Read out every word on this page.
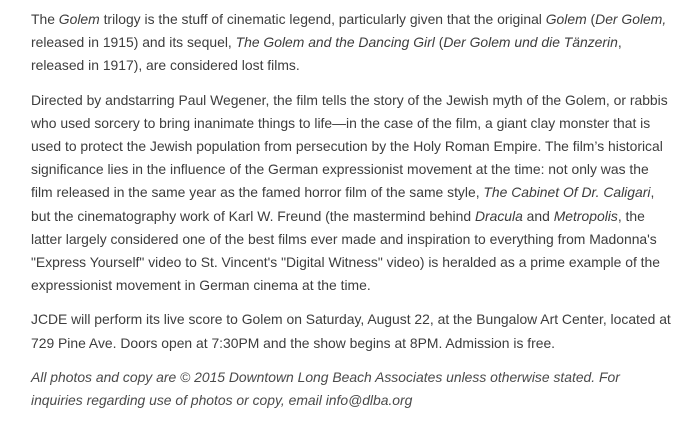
The Golem trilogy is the stuff of cinematic legend, particularly given that the original Golem (Der Golem, released in 1915) and its sequel, The Golem and the Dancing Girl (Der Golem und die Tänzerin, released in 1917), are considered lost films.

Directed by andstarring Paul Wegener, the film tells the story of the Jewish myth of the Golem, or rabbis who used sorcery to bring inanimate things to life—in the case of the film, a giant clay monster that is used to protect the Jewish population from persecution by the Holy Roman Empire. The film’s historical significance lies in the influence of the German expressionist movement at the time: not only was the film released in the same year as the famed horror film of the same style, The Cabinet Of Dr. Caligari, but the cinematography work of Karl W. Freund (the mastermind behind Dracula and Metropolis, the latter largely considered one of the best films ever made and inspiration to everything from Madonna's "Express Yourself" video to St. Vincent's "Digital Witness" video) is heralded as a prime example of the expressionist movement in German cinema at the time.

JCDE will perform its live score to Golem on Saturday, August 22, at the Bungalow Art Center, located at 729 Pine Ave. Doors open at 7:30PM and the show begins at 8PM. Admission is free.

All photos and copy are © 2015 Downtown Long Beach Associates unless otherwise stated. For inquiries regarding use of photos or copy, email info@dlba.org
